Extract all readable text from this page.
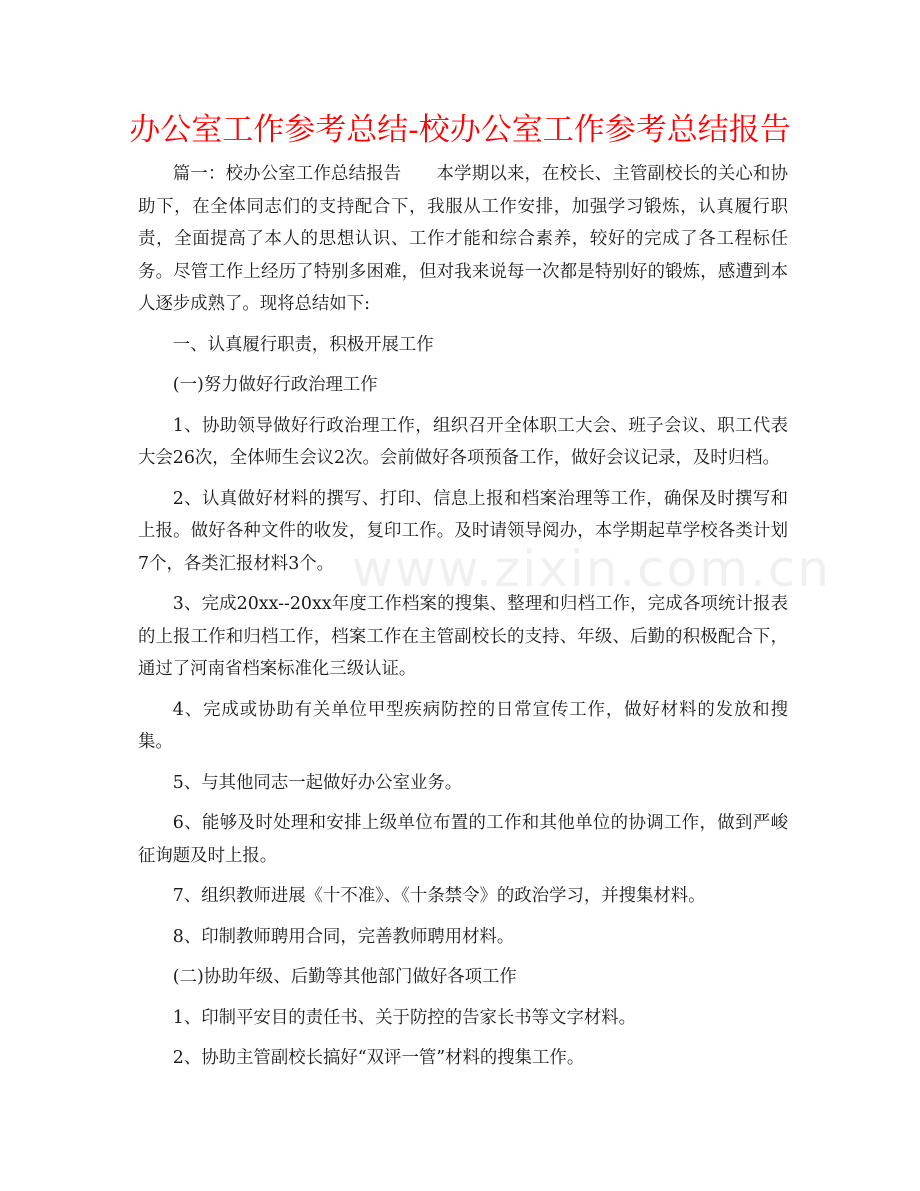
办公室工作参考总结-校办公室工作参考总结报告
www.zixin.com.cn

篇一：校办公室工作总结报告　　本学期以来，在校长、主管副校长的关心和协助下，在全体同志们的支持配合下，我服从工作安排，加强学习锻炼，认真履行职责，全面提高了本人的思想认识、工作才能和综合素养，较好的完成了各工程标任务。尽管工作上经历了特别多困难，但对我来说每一次都是特别好的锻炼，感遭到本人逐步成熟了。现将总结如下:

一、认真履行职责，积极开展工作

(一)努力做好行政治理工作

1、协助领导做好行政治理工作，组织召开全体职工大会、班子会议、职工代表大会26次，全体师生会议2次。会前做好各项预备工作，做好会议记录，及时归档。

2、认真做好材料的撰写、打印、信息上报和档案治理等工作，确保及时撰写和上报。做好各种文件的收发，复印工作。及时请领导阅办，本学期起草学校各类计划7个，各类汇报材料3个。

3、完成20xx--20xx年度工作档案的搜集、整理和归档工作，完成各项统计报表的上报工作和归档工作，档案工作在主管副校长的支持、年级、后勤的积极配合下，通过了河南省档案标准化三级认证。

4、完成或协助有关单位甲型疾病防控的日常宣传工作，做好材料的发放和搜集。

5、与其他同志一起做好办公室业务。

6、能够及时处理和安排上级单位布置的工作和其他单位的协调工作，做到严峻征询题及时上报。

7、组织教师进展《十不准》、《十条禁令》的政治学习，并搜集材料。

8、印制教师聘用合同，完善教师聘用材料。

(二)协助年级、后勤等其他部门做好各项工作

1、印制平安目的责任书、关于防控的告家长书等文字材料。

2、协助主管副校长搞好“双评一管”材料的搜集工作。
